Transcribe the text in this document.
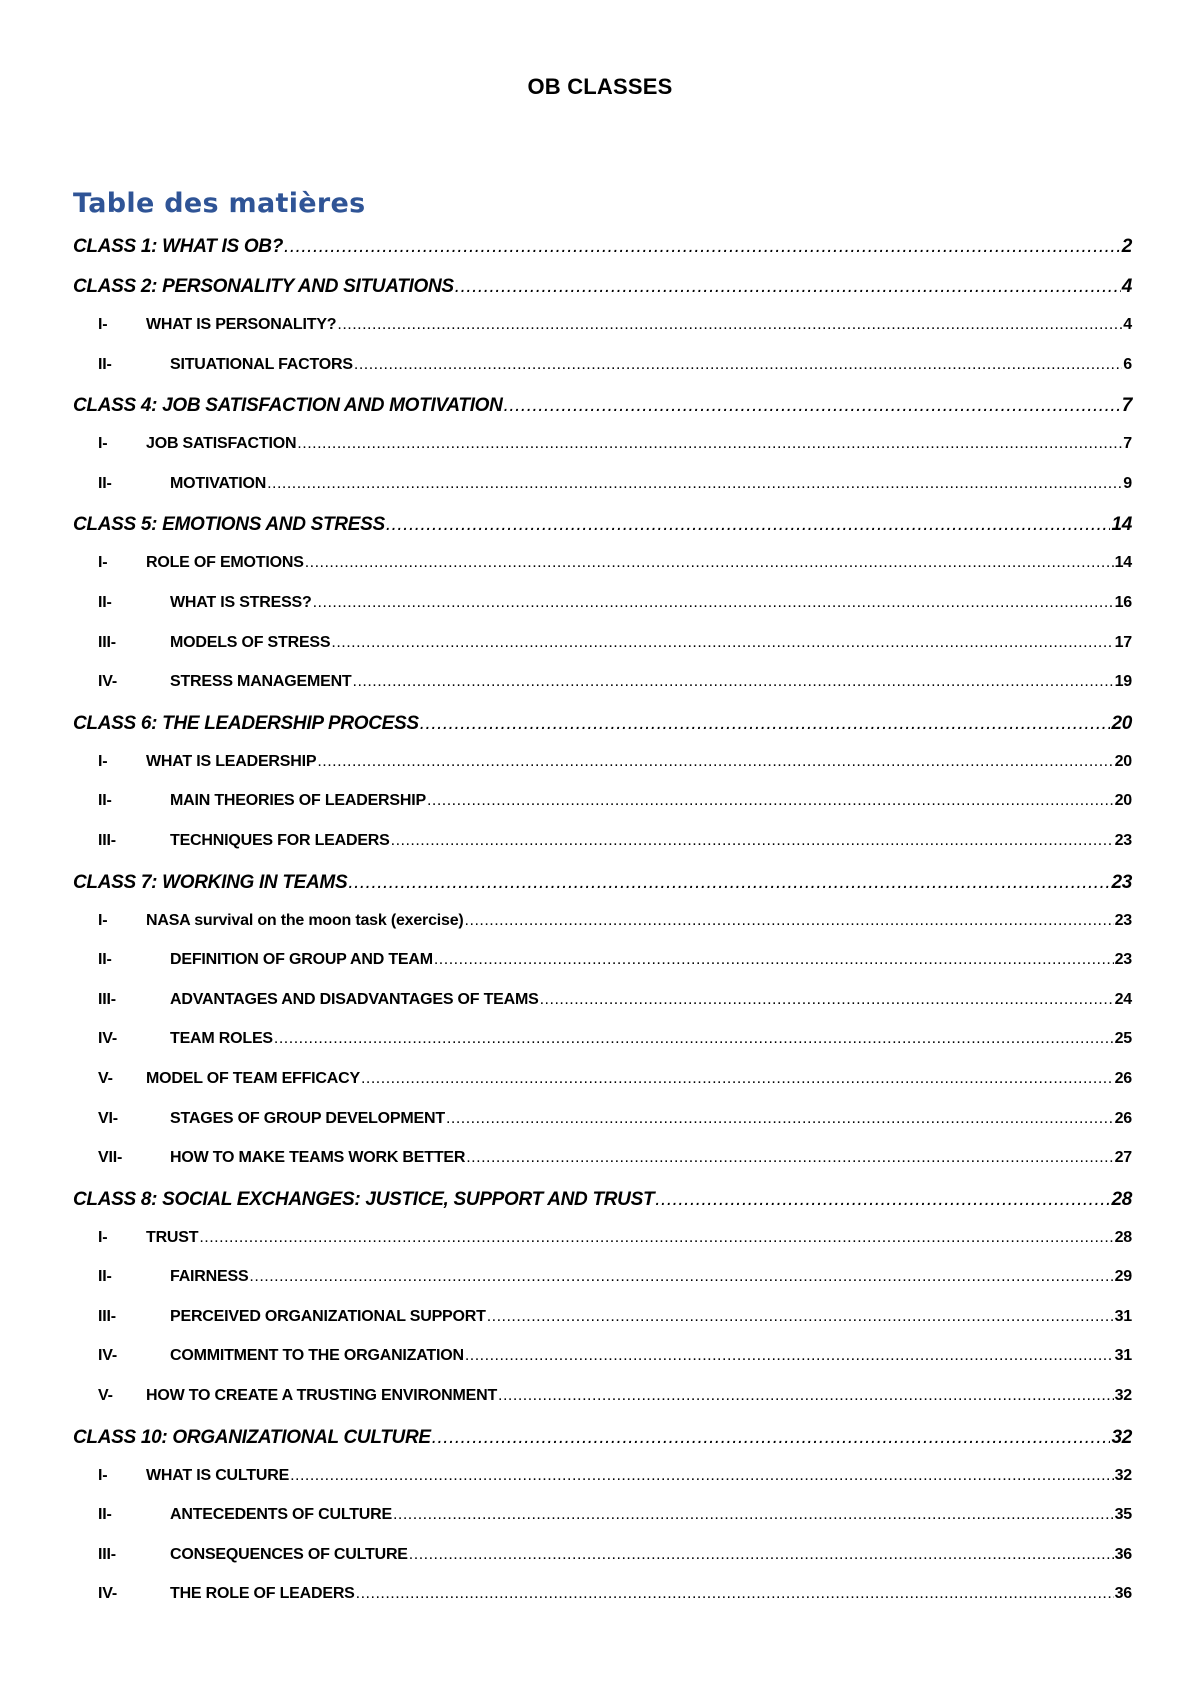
OB CLASSES
Table des matières
CLASS 1: WHAT IS OB? .....	2
CLASS 2: PERSONALITY AND SITUATIONS .....	4
I-	WHAT IS PERSONALITY? .....	4
II-	SITUATIONAL FACTORS .....	6
CLASS 4: JOB SATISFACTION AND MOTIVATION .....	7
I-	JOB SATISFACTION .....	7
II-	MOTIVATION .....	9
CLASS 5: EMOTIONS AND STRESS .....	14
I-	ROLE OF EMOTIONS .....	14
II-	WHAT IS STRESS? .....	16
III-	MODELS OF STRESS .....	17
IV-	STRESS MANAGEMENT .....	19
CLASS 6: THE LEADERSHIP PROCESS .....	20
I-	WHAT IS LEADERSHIP .....	20
II-	MAIN THEORIES OF LEADERSHIP .....	20
III-	TECHNIQUES FOR LEADERS .....	23
CLASS 7: WORKING IN TEAMS .....	23
I-	NASA survival on the moon task (exercise) .....	23
II-	DEFINITION OF GROUP AND TEAM .....	23
III-	ADVANTAGES AND DISADVANTAGES OF TEAMS .....	24
IV-	TEAM ROLES .....	25
V-	MODEL OF TEAM EFFICACY .....	26
VI-	STAGES OF GROUP DEVELOPMENT .....	26
VII-	HOW TO MAKE TEAMS WORK BETTER .....	27
CLASS 8: SOCIAL EXCHANGES: JUSTICE, SUPPORT AND TRUST .....	28
I-	TRUST .....	28
II-	FAIRNESS .....	29
III-	PERCEIVED ORGANIZATIONAL SUPPORT .....	31
IV-	COMMITMENT TO THE ORGANIZATION .....	31
V-	HOW TO CREATE A TRUSTING ENVIRONMENT .....	32
CLASS 10: ORGANIZATIONAL CULTURE .....	32
I-	WHAT IS CULTURE .....	32
II-	ANTECEDENTS OF CULTURE .....	35
III-	CONSEQUENCES OF CULTURE .....	36
IV-	THE ROLE OF LEADERS .....	36
